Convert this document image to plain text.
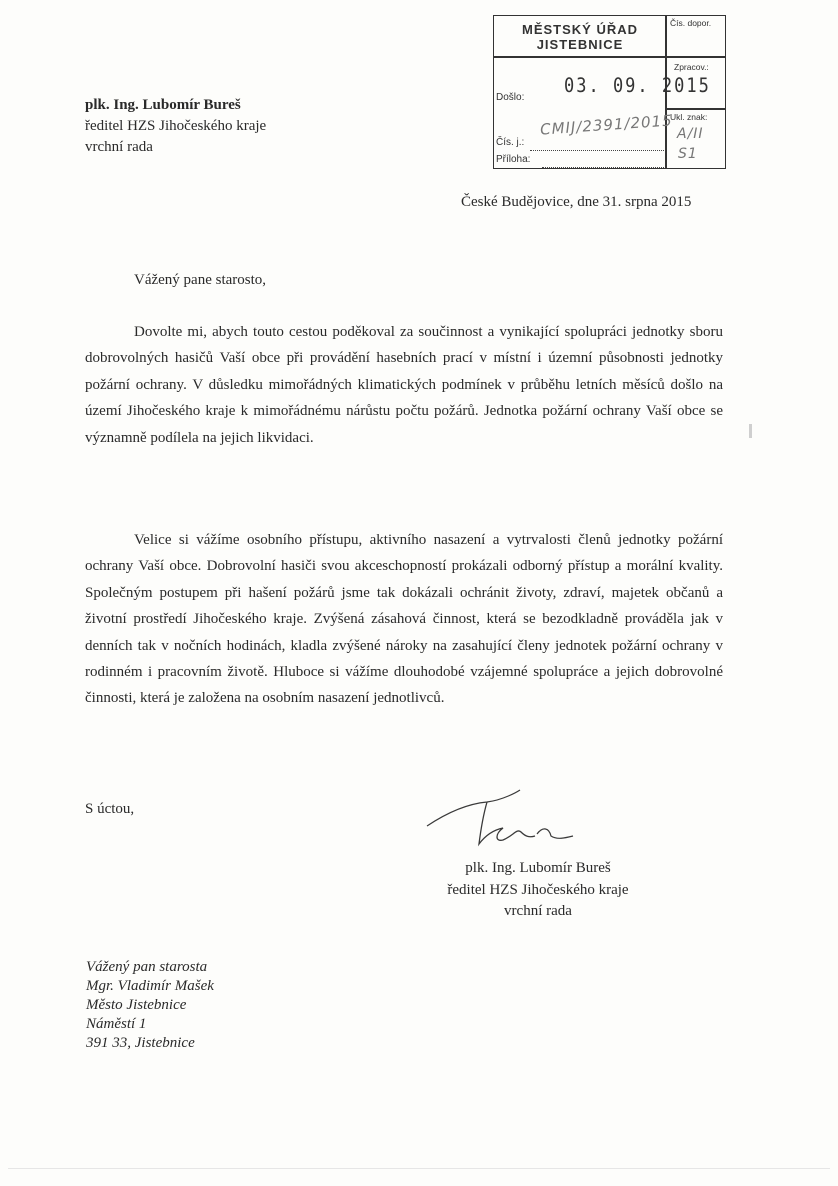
plk. Ing. Lubomír Bureš
ředitel HZS Jihočeského kraje
vrchní rada
MĚSTSKÝ ÚŘAD
JISTEBNICE
Čís. dopor.
Zpracov.:
Ukl. znak:
A/II
S1
Došlo: 03. 09. 2015
Čís. j.:
CMIJ/2391/2015
Příloha:
České Budějovice, dne 31. srpna 2015
Vážený pane starosto,
Dovolte mi, abych touto cestou poděkoval za součinnost a vynikající spolupráci jednotky sboru dobrovolných hasičů Vaší obce při provádění hasebních prací v místní i územní působnosti jednotky požární ochrany. V důsledku mimořádných klimatických podmínek v průběhu letních měsíců došlo na území Jihočeského kraje k mimořádnému nárůstu počtu požárů. Jednotka požární ochrany Vaší obce se významně podílela na jejich likvidaci.
Velice si vážíme osobního přístupu, aktivního nasazení a vytrvalosti členů jednotky požární ochrany Vaší obce. Dobrovolní hasiči svou akceschopností prokázali odborný přístup a morální kvality. Společným postupem při hašení požárů jsme tak dokázali ochránit životy, zdraví, majetek občanů a životní prostředí Jihočeského kraje. Zvýšená zásahová činnost, která se bezodkladně prováděla jak v denních tak v nočních hodinách, kladla zvýšené nároky na zasahující členy jednotek požární ochrany v rodinném i pracovním životě. Hluboce si vážíme dlouhodobé vzájemné spolupráce a jejich dobrovolné činnosti, která je založena na osobním nasazení jednotlivců.
S úctou,
plk. Ing. Lubomír Bureš
ředitel HZS Jihočeského kraje
vrchní rada
Vážený pan starosta
Mgr. Vladimír Mašek
Město Jistebnice
Náměstí 1
391 33, Jistebnice
